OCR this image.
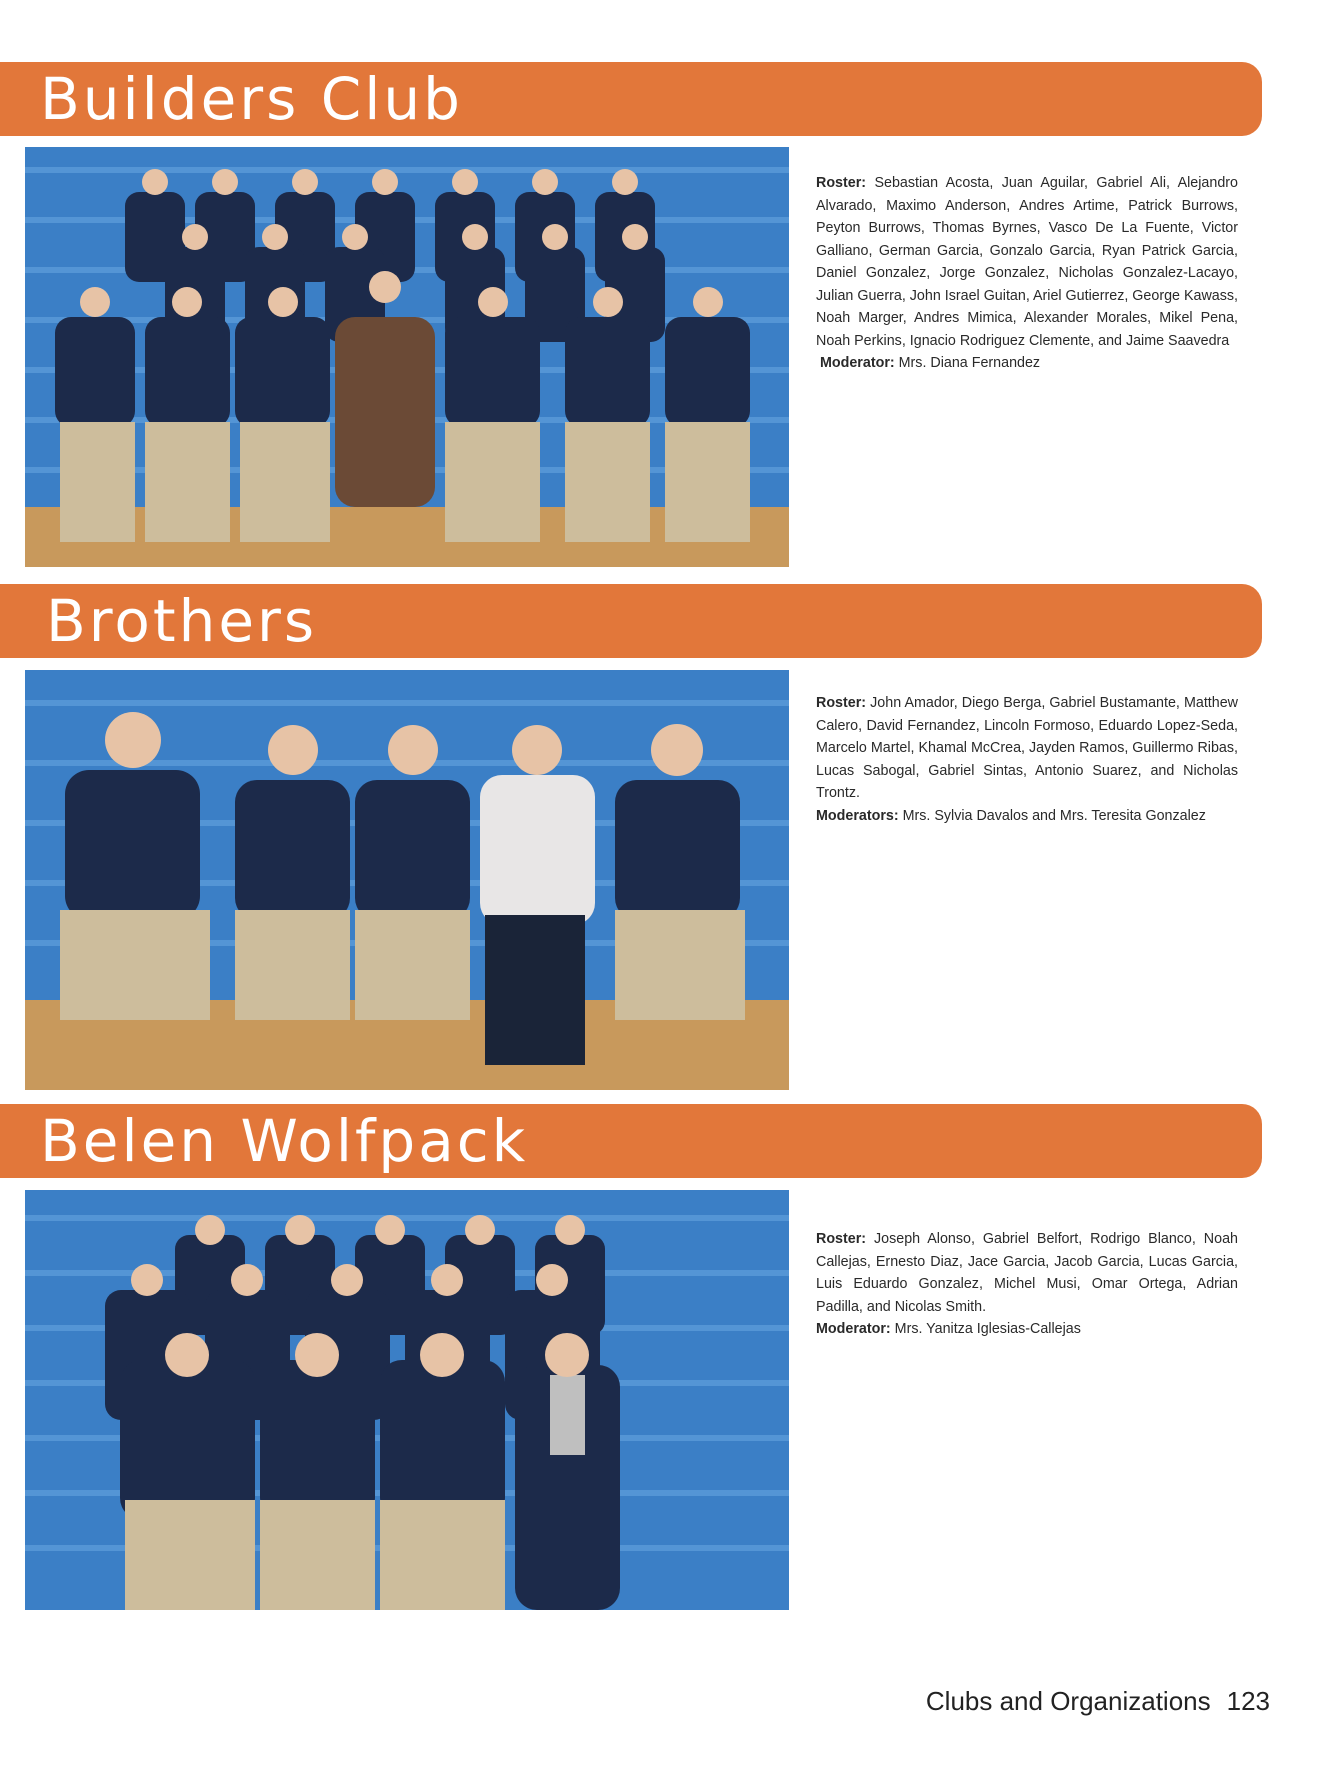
Builders Club

Roster: Sebastian Acosta, Juan Aguilar, Gabriel Ali, Alejandro Alvarado, Maximo Anderson, Andres Artime, Patrick Burrows, Peyton Burrows, Thomas Byrnes, Vasco De La Fuente, Victor Galliano, German Garcia, Gonzalo Garcia, Ryan Patrick Garcia, Daniel Gonzalez, Jorge Gonzalez, Nicholas Gonzalez-Lacayo, Julian Guerra, John Israel Guitan, Ariel Gutierrez, George Kawass, Noah Marger, Andres Mimica, Alexander Morales, Mikel Pena, Noah Perkins, Ignacio Rodriguez Clemente, and Jaime Saavedra

Moderator: Mrs. Diana Fernandez

Brothers

Roster: John Amador, Diego Berga, Gabriel Bustamante, Matthew Calero, David Fernandez, Lincoln Formoso, Eduardo Lopez-Seda, Marcelo Martel, Khamal McCrea, Jayden Ramos, Guillermo Ribas, Lucas Sabogal, Gabriel Sintas, Antonio Suarez, and Nicholas Trontz.

Moderators: Mrs. Sylvia Davalos and Mrs. Teresita Gonzalez

Belen Wolfpack

Roster: Joseph Alonso, Gabriel Belfort, Rodrigo Blanco, Noah Callejas, Ernesto Diaz, Jace Garcia, Jacob Garcia, Lucas Garcia, Luis Eduardo Gonzalez, Michel Musi, Omar Ortega, Adrian Padilla, and Nicolas Smith.

Moderator: Mrs. Yanitza Iglesias-Callejas

Clubs and Organizations 123
